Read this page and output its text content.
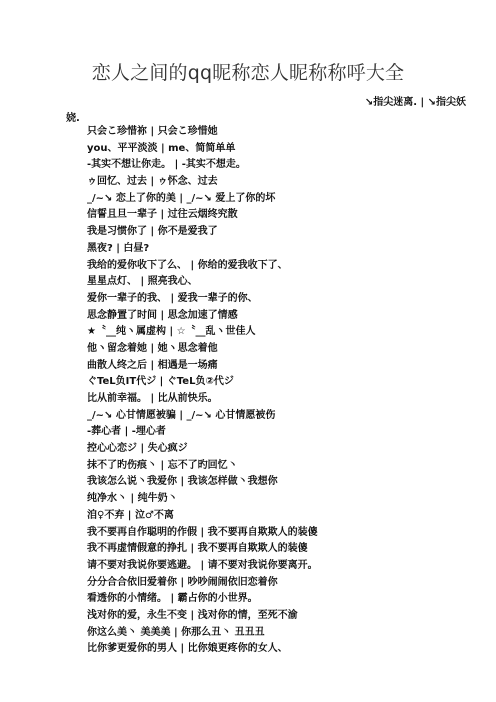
恋人之间的qq昵称恋人昵称称呼大全
↘指尖迷离. | ↘指尖妖
娆.
只会こ珍惜祢 | 只会こ珍惜她
you、平平淡淡 | me、简简单单
-其实不想让你走。 | -其实不想走。
ゥ回忆、过去 | ゥ怀念、过去
_/~↘ 恋上了你的美 | _/~↘ 爱上了你的坏
信誓且旦一辈子 | 过往云烟终究散
我是习惯你了 | 你不是爱我了
黑夜? | 白昼?
我给的爱你收下了么、 | 你给的爱我收下了、
星星点灯、 | 照亮我心、
爱你一辈子的我、 | 爱我一辈子的你、
思念静置了时间 | 思念加速了情感
★〝__纯ヽ属虚构 | ☆〝__乱ヽ世佳人
他ヽ留念着她 | 她ヽ思念着他
曲散人终之后 | 相遇是一场痛
ぐTeL负IT代ジ | ぐTeL负②代ジ
比从前幸福。 | 比从前快乐。
_/~↘ 心甘情愿被骗 | _/~↘ 心甘情愿被伤
-葬心者 | -埋心者
控心心恋ジ | 失心疯ジ
抹不了旳伤痕丶 | 忘不了旳回忆丶
我该怎么说丶我爱你 | 我该怎样做丶我想你
纯净水丶 | 纯牛奶丶
洎♀不弃 | 泣♂不离
我不要再自作聪明的作假 | 我不要再自欺欺人的装傻
我不再虚情假意的挣扎 | 我不要再自欺欺人的装傻
请不要对我说你要逃避。 | 请不要对我说你要离开。
分分合合依旧爱着你 | 吵吵闹闹依旧恋着你
看透你的小情绪。 | 霸占你的小世界。
浅对你的爱，永生不变 | 浅对你的情，至死不渝
你这么美丶 美美美 | 你那么丑丶 丑丑丑
比你爹更爱你的男人 | 比你娘更疼你的女人、
